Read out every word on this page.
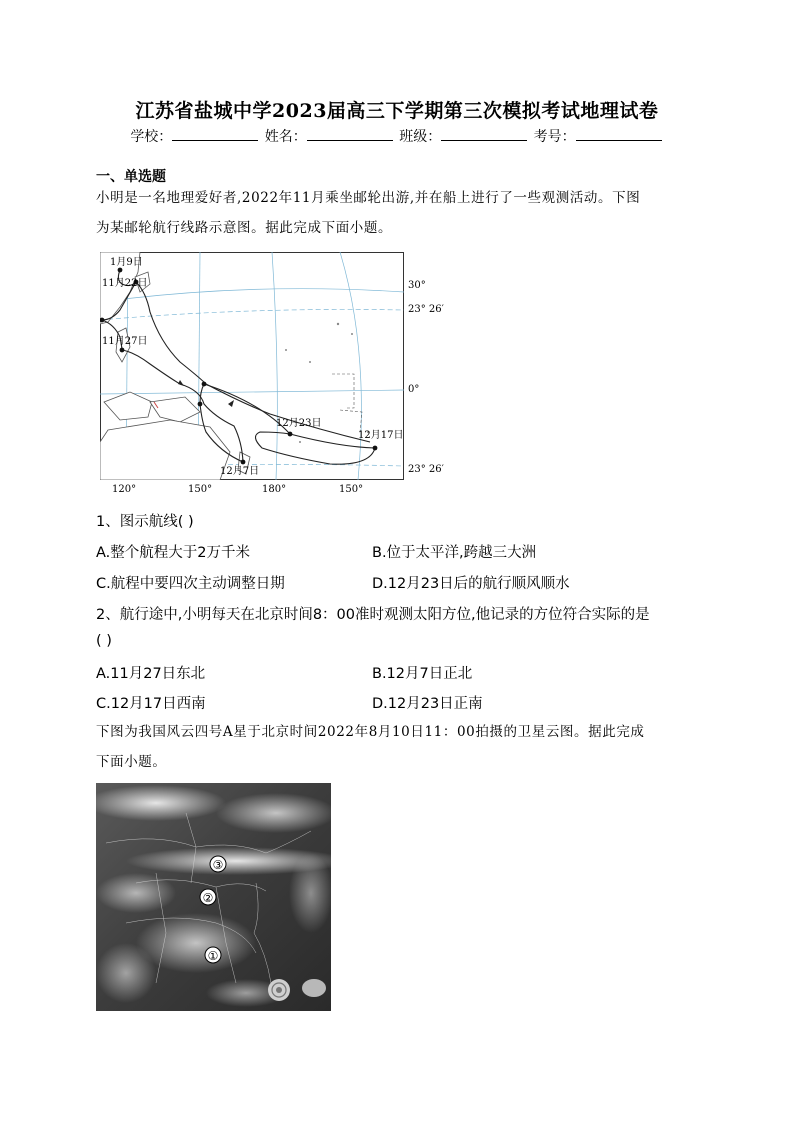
江苏省盐城中学2023届高三下学期第三次模拟考试地理试卷
学校：	姓名：	班级：	考号：
一、单选题
小明是一名地理爱好者,2022年11月乘坐邮轮出游,并在船上进行了一些观测活动。下图
为某邮轮航行线路示意图。据此完成下面小题。
1月9日
11月22日
11月27日
12月7日
12月23日
12月17日
30°
23° 26′
0°
23° 26′
120°	150°	180°	150°
1、图示航线( )
A.整个航程大于2万千米	B.位于太平洋,跨越三大洲
C.航程中要四次主动调整日期	D.12月23日后的航行顺风顺水
2、航行途中,小明每天在北京时间8：00准时观测太阳方位,他记录的方位符合实际的是
( )
A.11月27日东北	B.12月7日正北
C.12月17日西南	D.12月23日正南
下图为我国风云四号A星于北京时间2022年8月10日11：00拍摄的卫星云图。据此完成
下面小题。
③
②
①
